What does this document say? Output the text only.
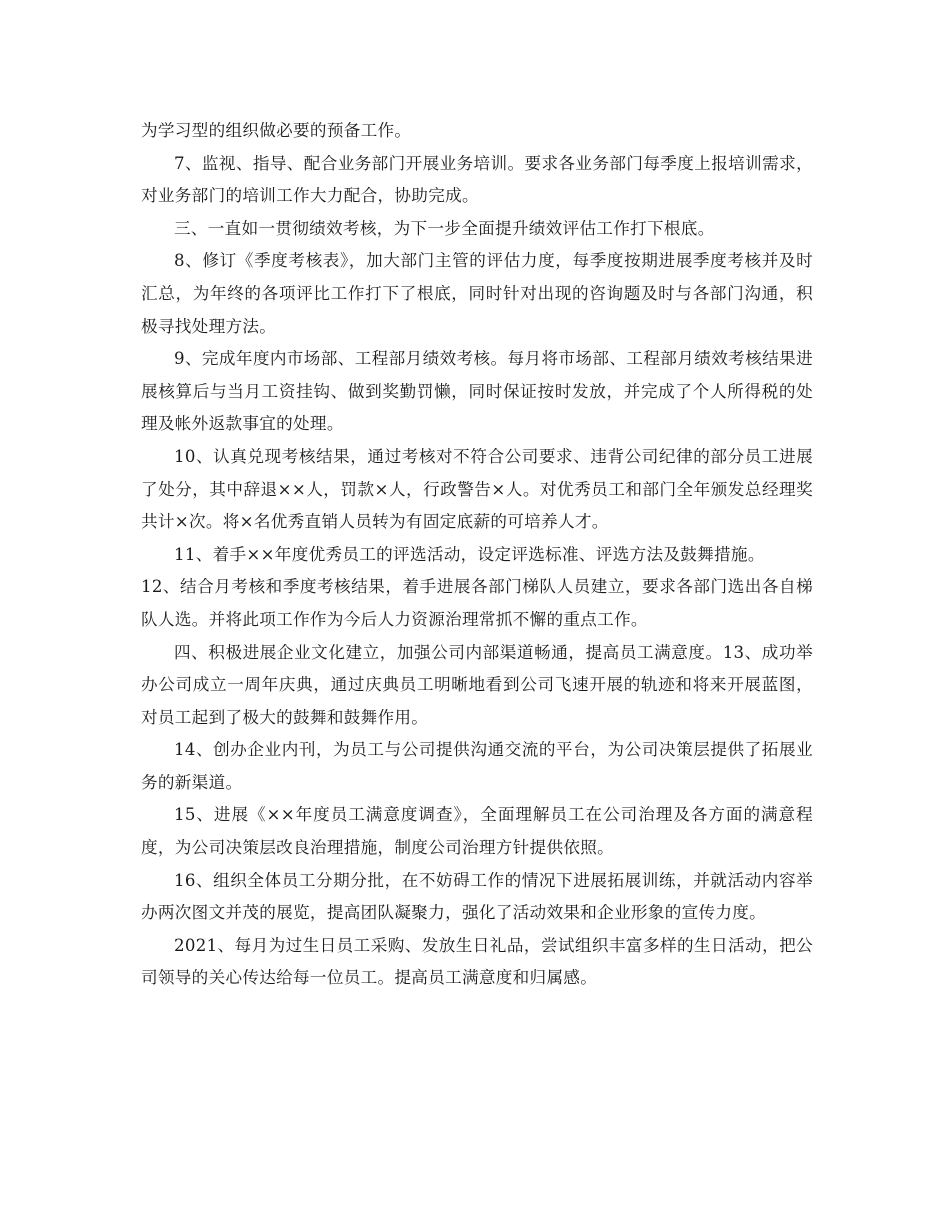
为学习型的组织做必要的预备工作。

7、监视、指导、配合业务部门开展业务培训。要求各业务部门每季度上报培训需求，对业务部门的培训工作大力配合，协助完成。

三、一直如一贯彻绩效考核，为下一步全面提升绩效评估工作打下根底。

8、修订《季度考核表》，加大部门主管的评估力度，每季度按期进展季度考核并及时汇总，为年终的各项评比工作打下了根底，同时针对出现的咨询题及时与各部门沟通，积极寻找处理方法。

9、完成年度内市场部、工程部月绩效考核。每月将市场部、工程部月绩效考核结果进展核算后与当月工资挂钩、做到奖勤罚懒，同时保证按时发放，并完成了个人所得税的处理及帐外返款事宜的处理。

10、认真兑现考核结果，通过考核对不符合公司要求、违背公司纪律的部分员工进展了处分，其中辞退××人，罚款×人，行政警告×人。对优秀员工和部门全年颁发总经理奖共计×次。将×名优秀直销人员转为有固定底薪的可培养人才。

11、着手××年度优秀员工的评选活动，设定评选标准、评选方法及鼓舞措施。

12、结合月考核和季度考核结果，着手进展各部门梯队人员建立，要求各部门选出各自梯队人选。并将此项工作作为今后人力资源治理常抓不懈的重点工作。

四、积极进展企业文化建立，加强公司内部渠道畅通，提高员工满意度。13、成功举办公司成立一周年庆典，通过庆典员工明晰地看到公司飞速开展的轨迹和将来开展蓝图，对员工起到了极大的鼓舞和鼓舞作用。

14、创办企业内刊，为员工与公司提供沟通交流的平台，为公司决策层提供了拓展业务的新渠道。

15、进展《××年度员工满意度调查》，全面理解员工在公司治理及各方面的满意程度，为公司决策层改良治理措施，制度公司治理方针提供依照。

16、组织全体员工分期分批，在不妨碍工作的情况下进展拓展训练，并就活动内容举办两次图文并茂的展览，提高团队凝聚力，强化了活动效果和企业形象的宣传力度。

2021、每月为过生日员工采购、发放生日礼品，尝试组织丰富多样的生日活动，把公司领导的关心传达给每一位员工。提高员工满意度和归属感。
